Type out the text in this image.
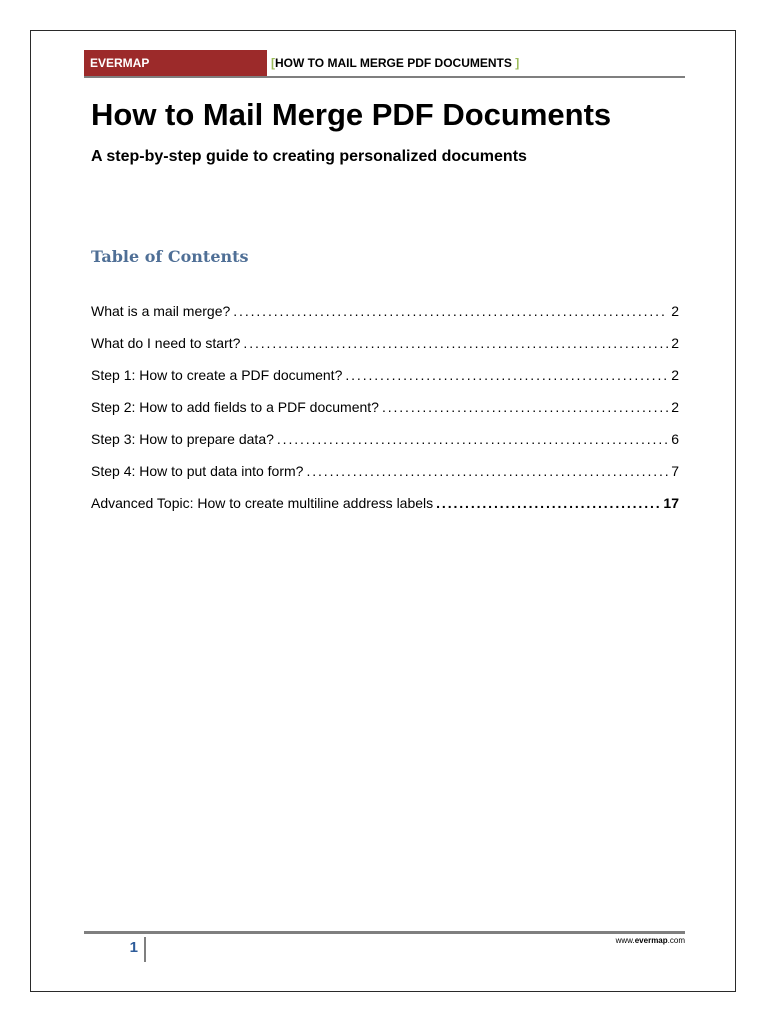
EVERMAP	[HOW TO MAIL MERGE PDF DOCUMENTS ]
How to Mail Merge PDF Documents
A step-by-step guide to creating personalized documents
Table of Contents
What is a mail merge? . . .	2
What do I need to start? . . .	2
Step 1: How to create a PDF document? . . .	2
Step 2: How to add fields to a PDF document? . . .	2
Step 3: How to prepare data? . . .	6
Step 4: How to put data into form? . . .	7
Advanced Topic: How to create multiline address labels . . .	17
1	www.evermap.com
